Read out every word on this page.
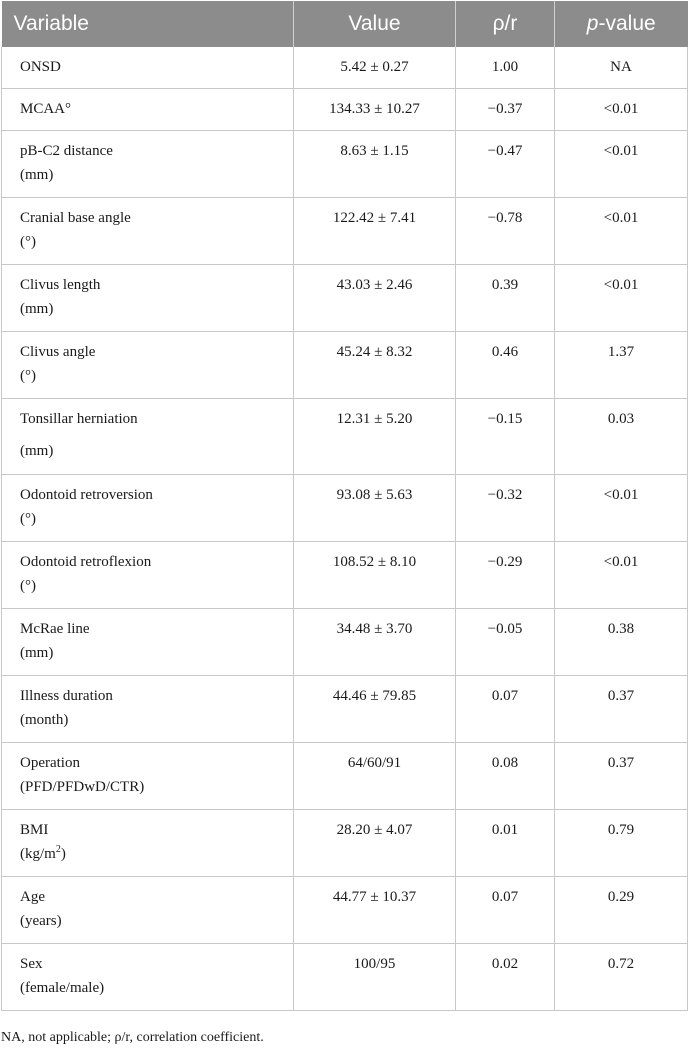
Variable	Value	ρ/r	p-value

ONSD	5.42 ± 0.27	1.00	NA

MCAA°	134.33 ± 10.27	−0.37	<0.01

pB-C2 distance
(mm)	8.63 ± 1.15	−0.47	<0.01

Cranial base angle
(°)	122.42 ± 7.41	−0.78	<0.01

Clivus length
(mm)	43.03 ± 2.46	0.39	<0.01

Clivus angle
(°)	45.24 ± 8.32	0.46	1.37

Tonsillar herniation
(mm)	12.31 ± 5.20	−0.15	0.03

Odontoid retroversion
(°)	93.08 ± 5.63	−0.32	<0.01

Odontoid retroflexion
(°)	108.52 ± 8.10	−0.29	<0.01

McRae line
(mm)	34.48 ± 3.70	−0.05	0.38

Illness duration
(month)	44.46 ± 79.85	0.07	0.37

Operation
(PFD/PFDwD/CTR)	64/60/91	0.08	0.37

BMI
$(kg/m^2)$	28.20 ± 4.07	0.01	0.79

Age
(years)	44.77 ± 10.37	0.07	0.29

Sex
(female/male)	100/95	0.02	0.72
NA, not applicable; ρ/r, correlation coefficient.
